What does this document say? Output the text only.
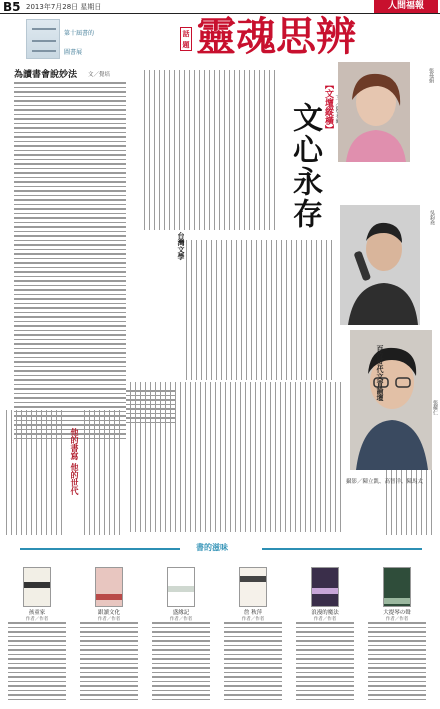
B5 2013年7月28日 星期日	人間福報
第十屆書的
圖書展
為讀書會說妙法 文／覺培
話題 靈魂思辨
【文壇縱橫】
文心永存
台灣文學
他的書寫 他的世代
張曼娟
吳鈞堯
張耀仁
百位世代文青論壇
攝影／陳立凱、高智洋、陳馬太
書的滋味
孩童家
作者／作者
跟讀文化
作者／作者
盛緣記
作者／作者
詹 秋萍
作者／作者
浪漫的魔法
作者／作者
大提琴の聲
作者／作者
